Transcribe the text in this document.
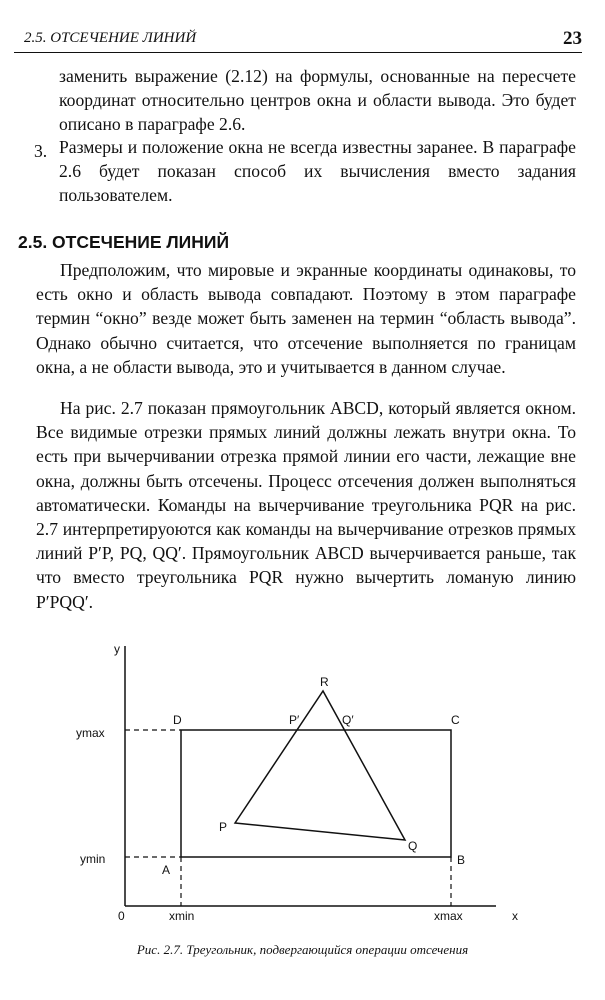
2.5. ОТСЕЧЕНИЕ ЛИНИЙ	23
заменить выражение (2.12) на формулы, основанные на пересчете координат относительно центров окна и области вывода. Это будет описано в параграфе 2.6.
3. Размеры и положение окна не всегда известны заранее. В параграфе 2.6 будет показан способ их вычисления вместо задания пользователем.
2.5. ОТСЕЧЕНИЕ ЛИНИЙ
Предположим, что мировые и экранные координаты одинаковы, то есть окно и область вывода совпадают. Поэтому в этом параграфе термин “окно” везде может быть заменен на термин “область вывода”. Однако обычно считается, что отсечение выполняется по границам окна, а не области вывода, это и учитывается в данном случае.
На рис. 2.7 показан прямоугольник ABCD, который является окном. Все видимые отрезки прямых линий должны лежать внутри окна. То есть при вычерчивании отрезка прямой линии его части, лежащие вне окна, должны быть отсечены. Процесс отсечения должен выполняться автоматически. Команды на вычерчивание треугольника PQR на рис. 2.7 интерпретируоются как команды на вычерчивание отрезков прямых линий P′P, PQ, QQ′. Прямоугольник ABCD вычерчивается раньше, так что вместо треугольника PQR нужно вычертить ломаную линию P′PQQ′.
y
x
0
ymax
ymin
xmin	xmax
A
B
C
D
P
Q
R
P′	Q′
Рис. 2.7. Треугольник, подвергающийся операции отсечения
